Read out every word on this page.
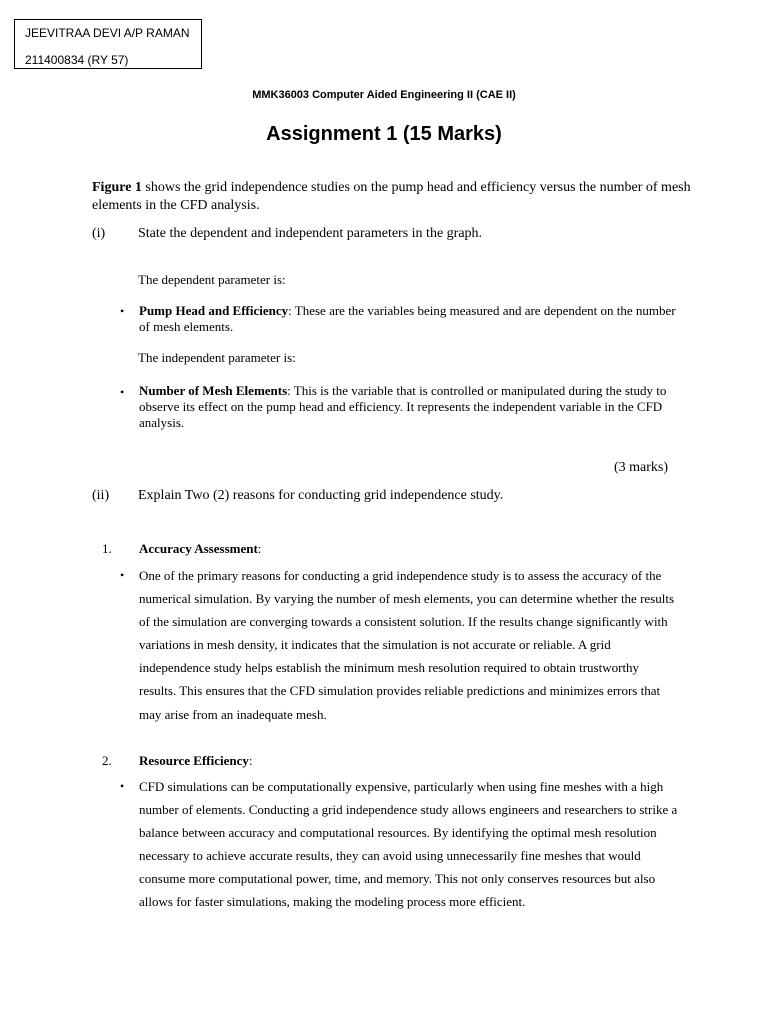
JEEVITRAA DEVI A/P RAMAN
211400834 (RY 57)
MMK36003 Computer Aided Engineering II (CAE II)
Assignment 1 (15 Marks)
Figure 1 shows the grid independence studies on the pump head and efficiency versus the number of mesh elements in the CFD analysis.
(i) State the dependent and independent parameters in the graph.
The dependent parameter is:
• Pump Head and Efficiency: These are the variables being measured and are dependent on the number of mesh elements.
The independent parameter is:
• Number of Mesh Elements: This is the variable that is controlled or manipulated during the study to observe its effect on the pump head and efficiency. It represents the independent variable in the CFD analysis.
(3 marks)
(ii) Explain Two (2) reasons for conducting grid independence study.
1. Accuracy Assessment:
• One of the primary reasons for conducting a grid independence study is to assess the accuracy of the numerical simulation. By varying the number of mesh elements, you can determine whether the results of the simulation are converging towards a consistent solution. If the results change significantly with variations in mesh density, it indicates that the simulation is not accurate or reliable. A grid independence study helps establish the minimum mesh resolution required to obtain trustworthy results. This ensures that the CFD simulation provides reliable predictions and minimizes errors that may arise from an inadequate mesh.
2. Resource Efficiency:
• CFD simulations can be computationally expensive, particularly when using fine meshes with a high number of elements. Conducting a grid independence study allows engineers and researchers to strike a balance between accuracy and computational resources. By identifying the optimal mesh resolution necessary to achieve accurate results, they can avoid using unnecessarily fine meshes that would consume more computational power, time, and memory. This not only conserves resources but also allows for faster simulations, making the modeling process more efficient.
